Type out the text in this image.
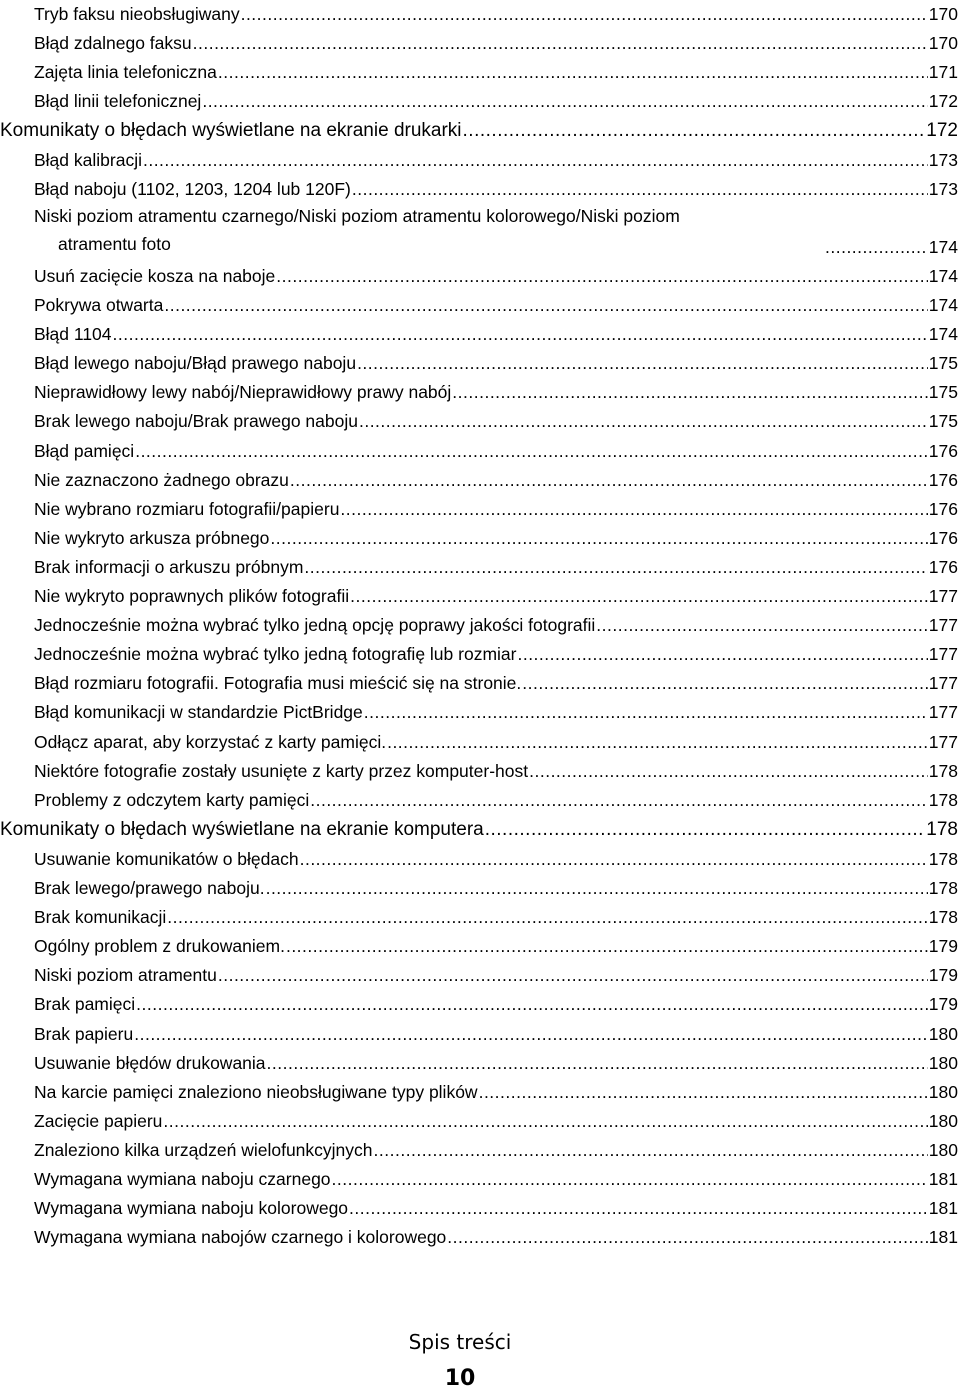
Tryb faksu nieobsługiwany .....	170
Błąd zdalnego faksu .....	170
Zajęta linia telefoniczna .....	171
Błąd linii telefonicznej .....	172
Komunikaty o błędach wyświetlane na ekranie drukarki .....	172
Błąd kalibracji .....	173
Błąd naboju (1102, 1203, 1204 lub 120F) .....	173
Niski poziom atramentu czarnego/Niski poziom atramentu kolorowego/Niski poziom
atramentu foto .....	174
Usuń zacięcie kosza na naboje .....	174
Pokrywa otwarta .....	174
Błąd 1104 .....	174
Błąd lewego naboju/Błąd prawego naboju .....	175
Nieprawidłowy lewy nabój/Nieprawidłowy prawy nabój .....	175
Brak lewego naboju/Brak prawego naboju .....	175
Błąd pamięci .....	176
Nie zaznaczono żadnego obrazu .....	176
Nie wybrano rozmiaru fotografii/papieru .....	176
Nie wykryto arkusza próbnego .....	176
Brak informacji o arkuszu próbnym .....	176
Nie wykryto poprawnych plików fotografii .....	177
Jednocześnie można wybrać tylko jedną opcję poprawy jakości fotografii .....	177
Jednocześnie można wybrać tylko jedną fotografię lub rozmiar .....	177
Błąd rozmiaru fotografii. Fotografia musi mieścić się na stronie. .....	177
Błąd komunikacji w standardzie PictBridge .....	177
Odłącz aparat, aby korzystać z karty pamięci. .....	177
Niektóre fotografie zostały usunięte z karty przez komputer-host .....	178
Problemy z odczytem karty pamięci .....	178
Komunikaty o błędach wyświetlane na ekranie komputera .....	178
Usuwanie komunikatów o błędach .....	178
Brak lewego/prawego naboju. .....	178
Brak komunikacji .....	178
Ogólny problem z drukowaniem. .....	179
Niski poziom atramentu .....	179
Brak pamięci .....	179
Brak papieru .....	180
Usuwanie błędów drukowania .....	180
Na karcie pamięci znaleziono nieobsługiwane typy plików .....	180
Zacięcie papieru .....	180
Znaleziono kilka urządzeń wielofunkcyjnych .....	180
Wymagana wymiana naboju czarnego .....	181
Wymagana wymiana naboju kolorowego .....	181
Wymagana wymiana nabojów czarnego i kolorowego .....	181
Spis treści
10
